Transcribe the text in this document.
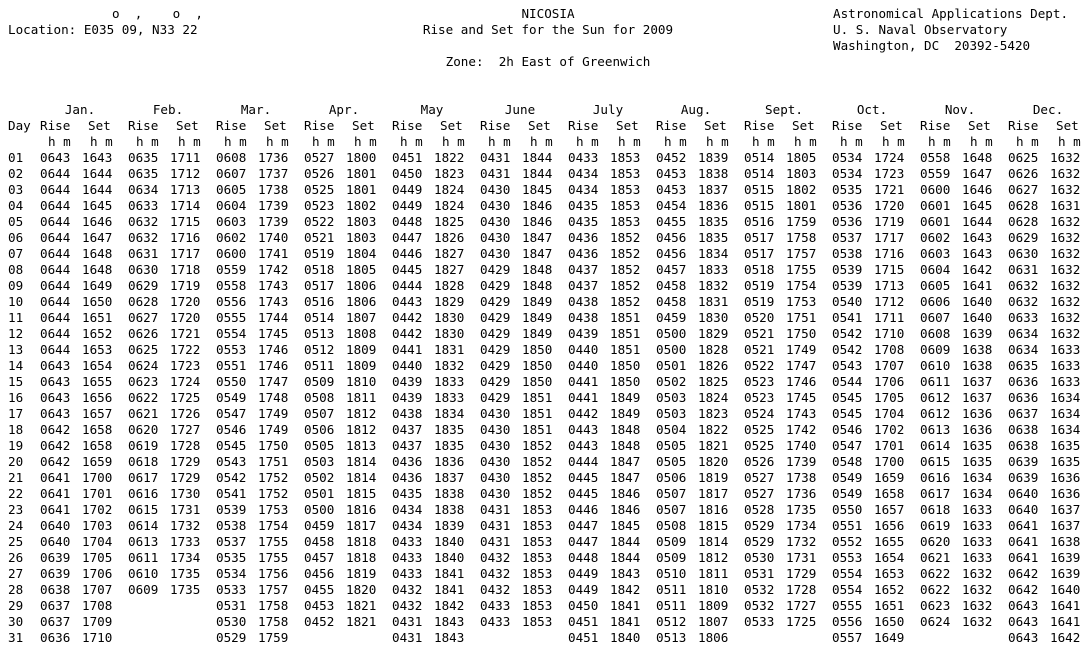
o  ,    o  ,
Location: E035 09, N33 22
NICOSIA
Rise and Set for the Sun for 2009
Zone:  2h East of Greenwich
Astronomical Applications Dept.
U. S. Naval Observatory
Washington, DC  20392-5420
Jan.	Feb.	Mar.	Apr.	May	June	July	Aug.	Sept.	Oct.	Nov.	Dec.
Day Rise Set Rise Set Rise Set Rise Set Rise Set Rise Set Rise Set Rise Set Rise Set Rise Set Rise Set Rise Set
h m h m h m h m h m h m h m h m h m h m h m h m h m h m h m h m h m h m h m h m h m h m h m h m
01 0643 1643 0635 1711 0608 1736 0527 1800 0451 1822 0431 1844 0433 1853 0452 1839 0514 1805 0534 1724 0558 1648 0625 1632
02 0644 1644 0635 1712 0607 1737 0526 1801 0450 1823 0431 1844 0434 1853 0453 1838 0514 1803 0534 1723 0559 1647 0626 1632
03 0644 1644 0634 1713 0605 1738 0525 1801 0449 1824 0430 1845 0434 1853 0453 1837 0515 1802 0535 1721 0600 1646 0627 1632
04 0644 1645 0633 1714 0604 1739 0523 1802 0449 1824 0430 1846 0435 1853 0454 1836 0515 1801 0536 1720 0601 1645 0628 1631
05 0644 1646 0632 1715 0603 1739 0522 1803 0448 1825 0430 1846 0435 1853 0455 1835 0516 1759 0536 1719 0601 1644 0628 1632
06 0644 1647 0632 1716 0602 1740 0521 1803 0447 1826 0430 1847 0436 1852 0456 1835 0517 1758 0537 1717 0602 1643 0629 1632
07 0644 1648 0631 1717 0600 1741 0519 1804 0446 1827 0430 1847 0436 1852 0456 1834 0517 1757 0538 1716 0603 1643 0630 1632
08 0644 1648 0630 1718 0559 1742 0518 1805 0445 1827 0429 1848 0437 1852 0457 1833 0518 1755 0539 1715 0604 1642 0631 1632
09 0644 1649 0629 1719 0558 1743 0517 1806 0444 1828 0429 1848 0437 1852 0458 1832 0519 1754 0539 1713 0605 1641 0632 1632
10 0644 1650 0628 1720 0556 1743 0516 1806 0443 1829 0429 1849 0438 1852 0458 1831 0519 1753 0540 1712 0606 1640 0632 1632
11 0644 1651 0627 1720 0555 1744 0514 1807 0442 1830 0429 1849 0438 1851 0459 1830 0520 1751 0541 1711 0607 1640 0633 1632
12 0644 1652 0626 1721 0554 1745 0513 1808 0442 1830 0429 1849 0439 1851 0500 1829 0521 1750 0542 1710 0608 1639 0634 1632
13 0644 1653 0625 1722 0553 1746 0512 1809 0441 1831 0429 1850 0440 1851 0500 1828 0521 1749 0542 1708 0609 1638 0634 1633
14 0643 1654 0624 1723 0551 1746 0511 1809 0440 1832 0429 1850 0440 1850 0501 1826 0522 1747 0543 1707 0610 1638 0635 1633
15 0643 1655 0623 1724 0550 1747 0509 1810 0439 1833 0429 1850 0441 1850 0502 1825 0523 1746 0544 1706 0611 1637 0636 1633
16 0643 1656 0622 1725 0549 1748 0508 1811 0439 1833 0429 1851 0441 1849 0503 1824 0523 1745 0545 1705 0612 1637 0636 1634
17 0643 1657 0621 1726 0547 1749 0507 1812 0438 1834 0430 1851 0442 1849 0503 1823 0524 1743 0545 1704 0612 1636 0637 1634
18 0642 1658 0620 1727 0546 1749 0506 1812 0437 1835 0430 1851 0443 1848 0504 1822 0525 1742 0546 1702 0613 1636 0638 1634
19 0642 1658 0619 1728 0545 1750 0505 1813 0437 1835 0430 1852 0443 1848 0505 1821 0525 1740 0547 1701 0614 1635 0638 1635
20 0642 1659 0618 1729 0543 1751 0503 1814 0436 1836 0430 1852 0444 1847 0505 1820 0526 1739 0548 1700 0615 1635 0639 1635
21 0641 1700 0617 1729 0542 1752 0502 1814 0436 1837 0430 1852 0445 1847 0506 1819 0527 1738 0549 1659 0616 1634 0639 1636
22 0641 1701 0616 1730 0541 1752 0501 1815 0435 1838 0430 1852 0445 1846 0507 1817 0527 1736 0549 1658 0617 1634 0640 1636
23 0641 1702 0615 1731 0539 1753 0500 1816 0434 1838 0431 1853 0446 1846 0507 1816 0528 1735 0550 1657 0618 1633 0640 1637
24 0640 1703 0614 1732 0538 1754 0459 1817 0434 1839 0431 1853 0447 1845 0508 1815 0529 1734 0551 1656 0619 1633 0641 1637
25 0640 1704 0613 1733 0537 1755 0458 1818 0433 1840 0431 1853 0447 1844 0509 1814 0529 1732 0552 1655 0620 1633 0641 1638
26 0639 1705 0611 1734 0535 1755 0457 1818 0433 1840 0432 1853 0448 1844 0509 1812 0530 1731 0553 1654 0621 1633 0641 1639
27 0639 1706 0610 1735 0534 1756 0456 1819 0433 1841 0432 1853 0449 1843 0510 1811 0531 1729 0554 1653 0622 1632 0642 1639
28 0638 1707 0609 1735 0533 1757 0455 1820 0432 1841 0432 1853 0449 1842 0511 1810 0532 1728 0554 1652 0622 1632 0642 1640
29 0637 1708	0531 1758 0453 1821 0432 1842 0433 1853 0450 1841 0511 1809 0532 1727 0555 1651 0623 1632 0643 1641
30 0637 1709	0530 1758 0452 1821 0431 1843 0433 1853 0451 1841 0512 1807 0533 1725 0556 1650 0624 1632 0643 1641
31 0636 1710	0529 1759	0431 1843	0451 1840 0513 1806	0557 1649	0643 1642
